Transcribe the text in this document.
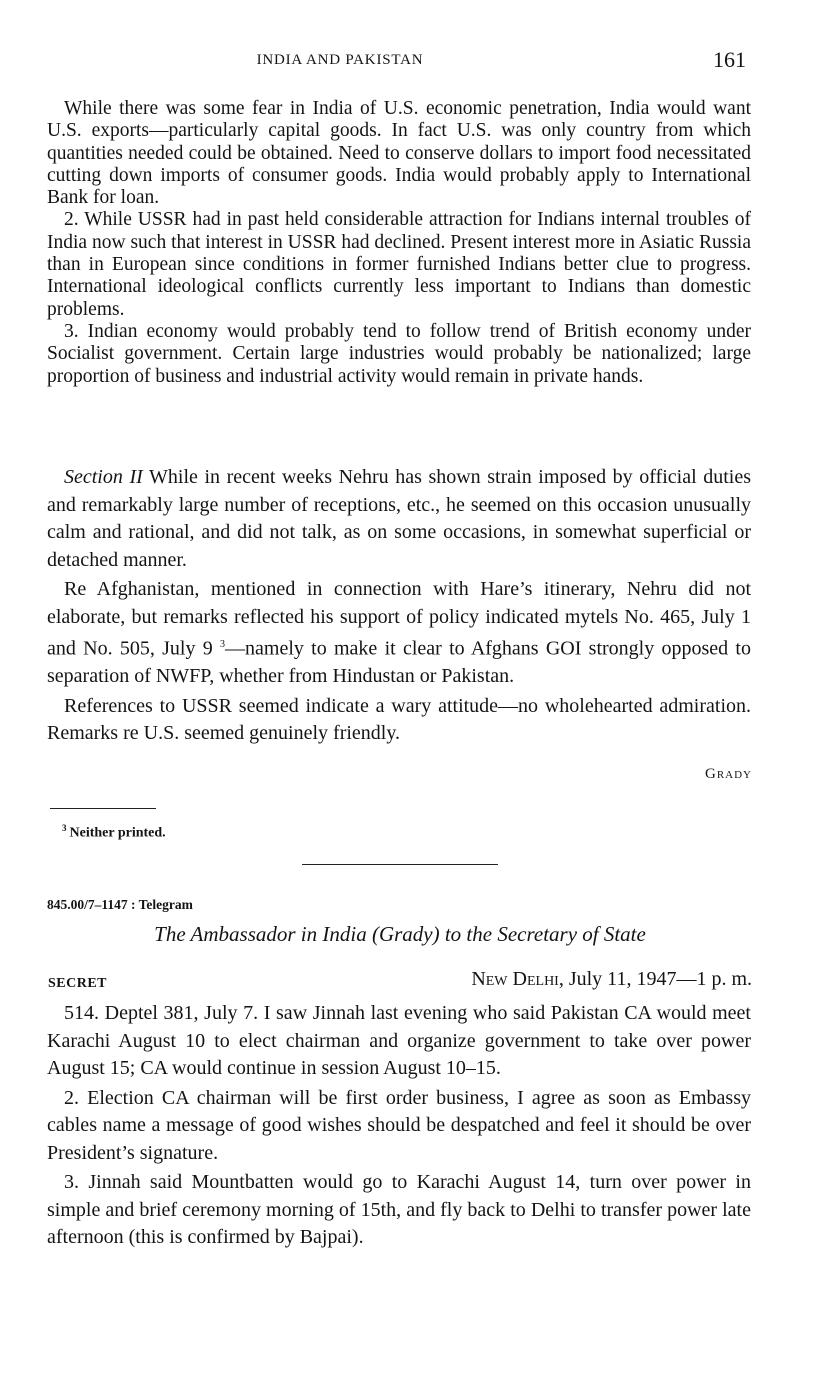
INDIA AND PAKISTAN	161

While there was some fear in India of U.S. economic penetration, India would want U.S. exports—particularly capital goods. In fact U.S. was only country from which quantities needed could be obtained. Need to conserve dollars to import food necessitated cutting down imports of consumer goods. India would probably apply to International Bank for loan.

2. While USSR had in past held considerable attraction for Indians internal troubles of India now such that interest in USSR had declined. Present interest more in Asiatic Russia than in European since conditions in former furnished Indians better clue to progress. International ideological conflicts currently less important to Indians than domestic problems.

3. Indian economy would probably tend to follow trend of British economy under Socialist government. Certain large industries would probably be nationalized; large proportion of business and industrial activity would remain in private hands.

Section II While in recent weeks Nehru has shown strain imposed by official duties and remarkably large number of receptions, etc., he seemed on this occasion unusually calm and rational, and did not talk, as on some occasions, in somewhat superficial or detached manner.

Re Afghanistan, mentioned in connection with Hare’s itinerary, Nehru did not elaborate, but remarks reflected his support of policy indicated mytels No. 465, July 1 and No. 505, July 9 $^3$—namely to make it clear to Afghans GOI strongly opposed to separation of NWFP, whether from Hindustan or Pakistan.

References to USSR seemed indicate a wary attitude—no wholehearted admiration. Remarks re U.S. seemed genuinely friendly.

Grady
$^3$ Neither printed.
845.00/7–1147 : Telegram
The Ambassador in India (Grady) to the Secretary of State
SECRET	New Delhi, July 11, 1947—1 p. m.

514. Deptel 381, July 7. I saw Jinnah last evening who said Pakistan CA would meet Karachi August 10 to elect chairman and organize government to take over power August 15; CA would continue in session August 10–15.

2. Election CA chairman will be first order business, I agree as soon as Embassy cables name a message of good wishes should be despatched and feel it should be over President’s signature.

3. Jinnah said Mountbatten would go to Karachi August 14, turn over power in simple and brief ceremony morning of 15th, and fly back to Delhi to transfer power late afternoon (this is confirmed by Bajpai).
